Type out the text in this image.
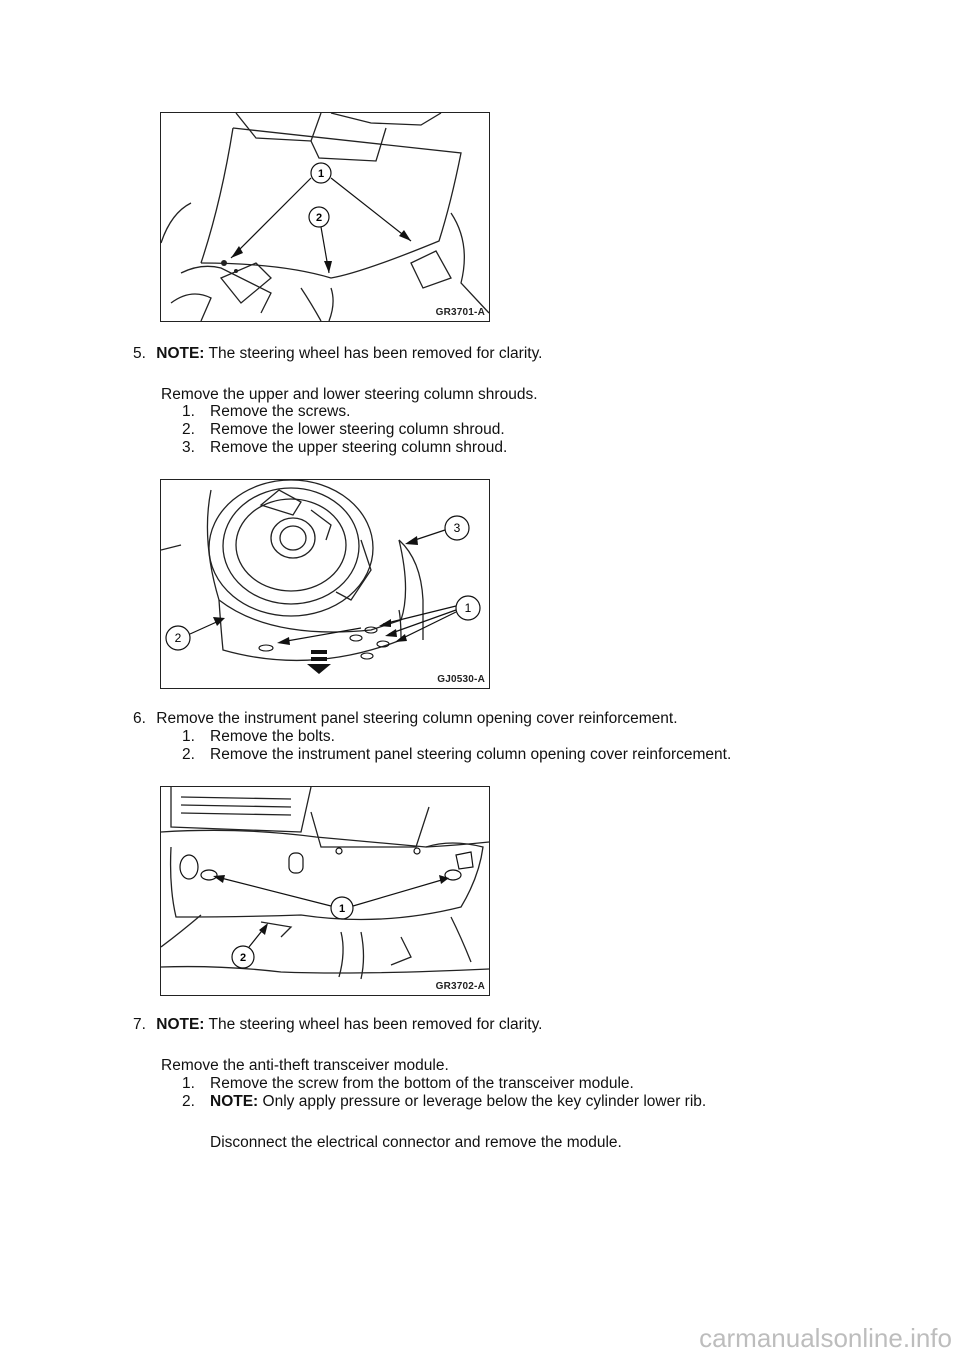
1
2
GR3701-A
5. NOTE: The steering wheel has been removed for clarity.
Remove the upper and lower steering column shrouds.
1. Remove the screws.
2. Remove the lower steering column shroud.
3. Remove the upper steering column shroud.
3
1
2
GJ0530-A
6. Remove the instrument panel steering column opening cover reinforcement.
1. Remove the bolts.
2. Remove the instrument panel steering column opening cover reinforcement.
1
2
GR3702-A
7. NOTE: The steering wheel has been removed for clarity.
Remove the anti-theft transceiver module.
1. Remove the screw from the bottom of the transceiver module.
2. NOTE: Only apply pressure or leverage below the key cylinder lower rib.
Disconnect the electrical connector and remove the module.
carmanualsonline.info
